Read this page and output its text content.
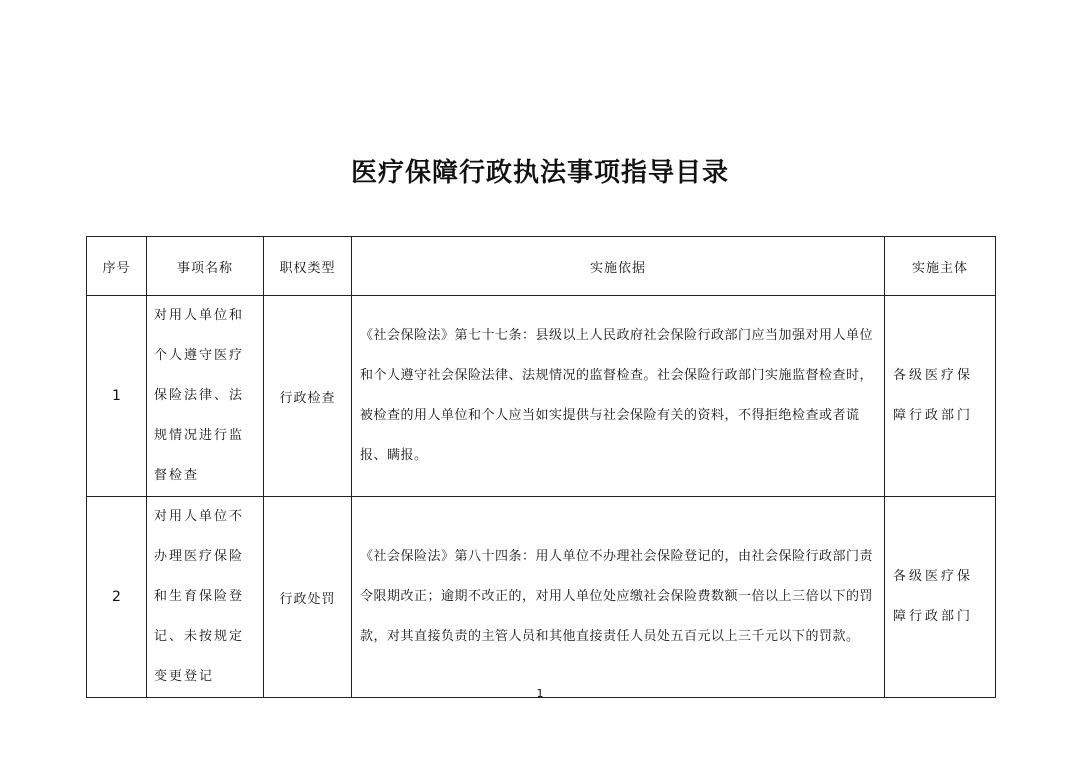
医疗保障行政执法事项指导目录
序号	事项名称	职权类型	实施依据	实施主体
1	对用人单位和个人遵守医疗保险法律、法规情况进行监督检查	行政检查	《社会保险法》第七十七条：县级以上人民政府社会保险行政部门应当加强对用人单位和个人遵守社会保险法律、法规情况的监督检查。社会保险行政部门实施监督检查时，被检查的用人单位和个人应当如实提供与社会保险有关的资料，不得拒绝检查或者谎报、瞒报。	各级医疗保障行政部门

2	对用人单位不办理医疗保险和生育保险登记、未按规定变更登记	行政处罚	《社会保险法》第八十四条：用人单位不办理社会保险登记的，由社会保险行政部门责令限期改正；逾期不改正的，对用人单位处应缴社会保险费数额一倍以上三倍以下的罚款，对其直接负责的主管人员和其他直接责任人员处五百元以上三千元以下的罚款。	各级医疗保障行政部门
1
